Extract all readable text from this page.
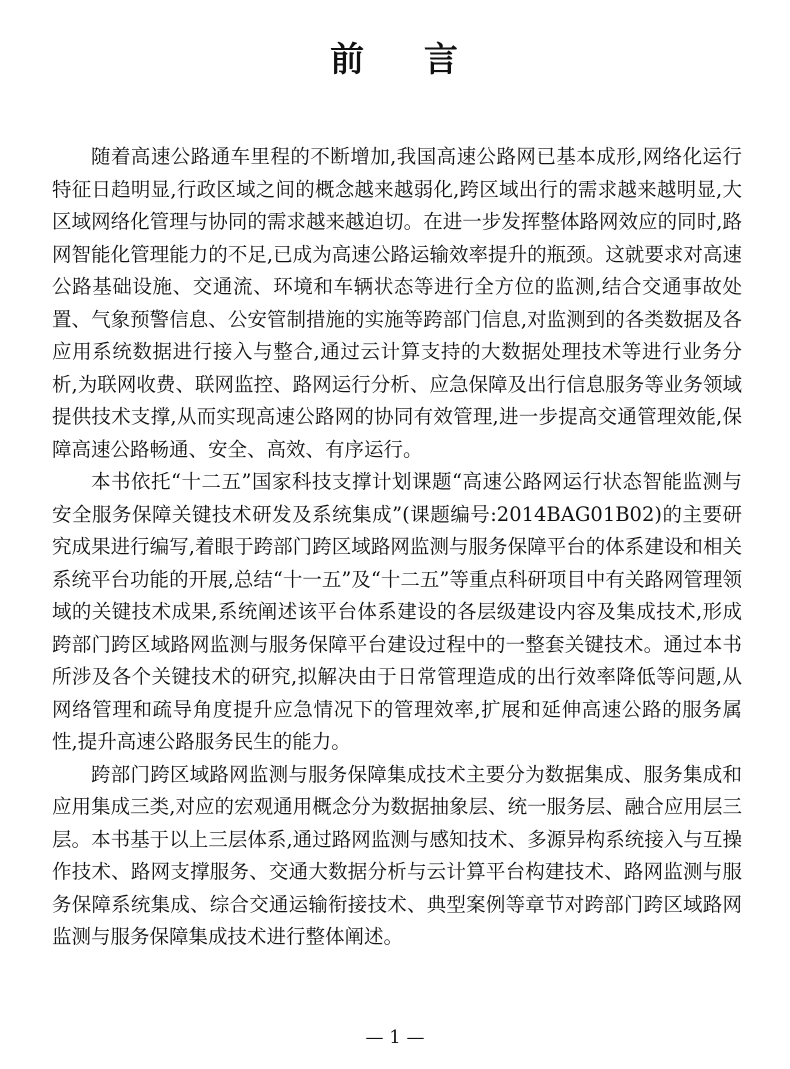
前 言

随着高速公路通车里程的不断增加,我国高速公路网已基本成形,网络化运行特征日趋明显,行政区域之间的概念越来越弱化,跨区域出行的需求越来越明显,大区域网络化管理与协同的需求越来越迫切。在进一步发挥整体路网效应的同时,路网智能化管理能力的不足,已成为高速公路运输效率提升的瓶颈。这就要求对高速公路基础设施、交通流、环境和车辆状态等进行全方位的监测,结合交通事故处置、气象预警信息、公安管制措施的实施等跨部门信息,对监测到的各类数据及各应用系统数据进行接入与整合,通过云计算支持的大数据处理技术等进行业务分析,为联网收费、联网监控、路网运行分析、应急保障及出行信息服务等业务领域提供技术支撑,从而实现高速公路网的协同有效管理,进一步提高交通管理效能,保障高速公路畅通、安全、高效、有序运行。

本书依托“十二五”国家科技支撑计划课题“高速公路网运行状态智能监测与安全服务保障关键技术研发及系统集成”(课题编号:2014BAG01B02)的主要研究成果进行编写,着眼于跨部门跨区域路网监测与服务保障平台的体系建设和相关系统平台功能的开展,总结“十一五”及“十二五”等重点科研项目中有关路网管理领域的关键技术成果,系统阐述该平台体系建设的各层级建设内容及集成技术,形成跨部门跨区域路网监测与服务保障平台建设过程中的一整套关键技术。通过本书所涉及各个关键技术的研究,拟解决由于日常管理造成的出行效率降低等问题,从网络管理和疏导角度提升应急情况下的管理效率,扩展和延伸高速公路的服务属性,提升高速公路服务民生的能力。

跨部门跨区域路网监测与服务保障集成技术主要分为数据集成、服务集成和应用集成三类,对应的宏观通用概念分为数据抽象层、统一服务层、融合应用层三层。本书基于以上三层体系,通过路网监测与感知技术、多源异构系统接入与互操作技术、路网支撑服务、交通大数据分析与云计算平台构建技术、路网监测与服务保障系统集成、综合交通运输衔接技术、典型案例等章节对跨部门跨区域路网监测与服务保障集成技术进行整体阐述。

— 1 —
